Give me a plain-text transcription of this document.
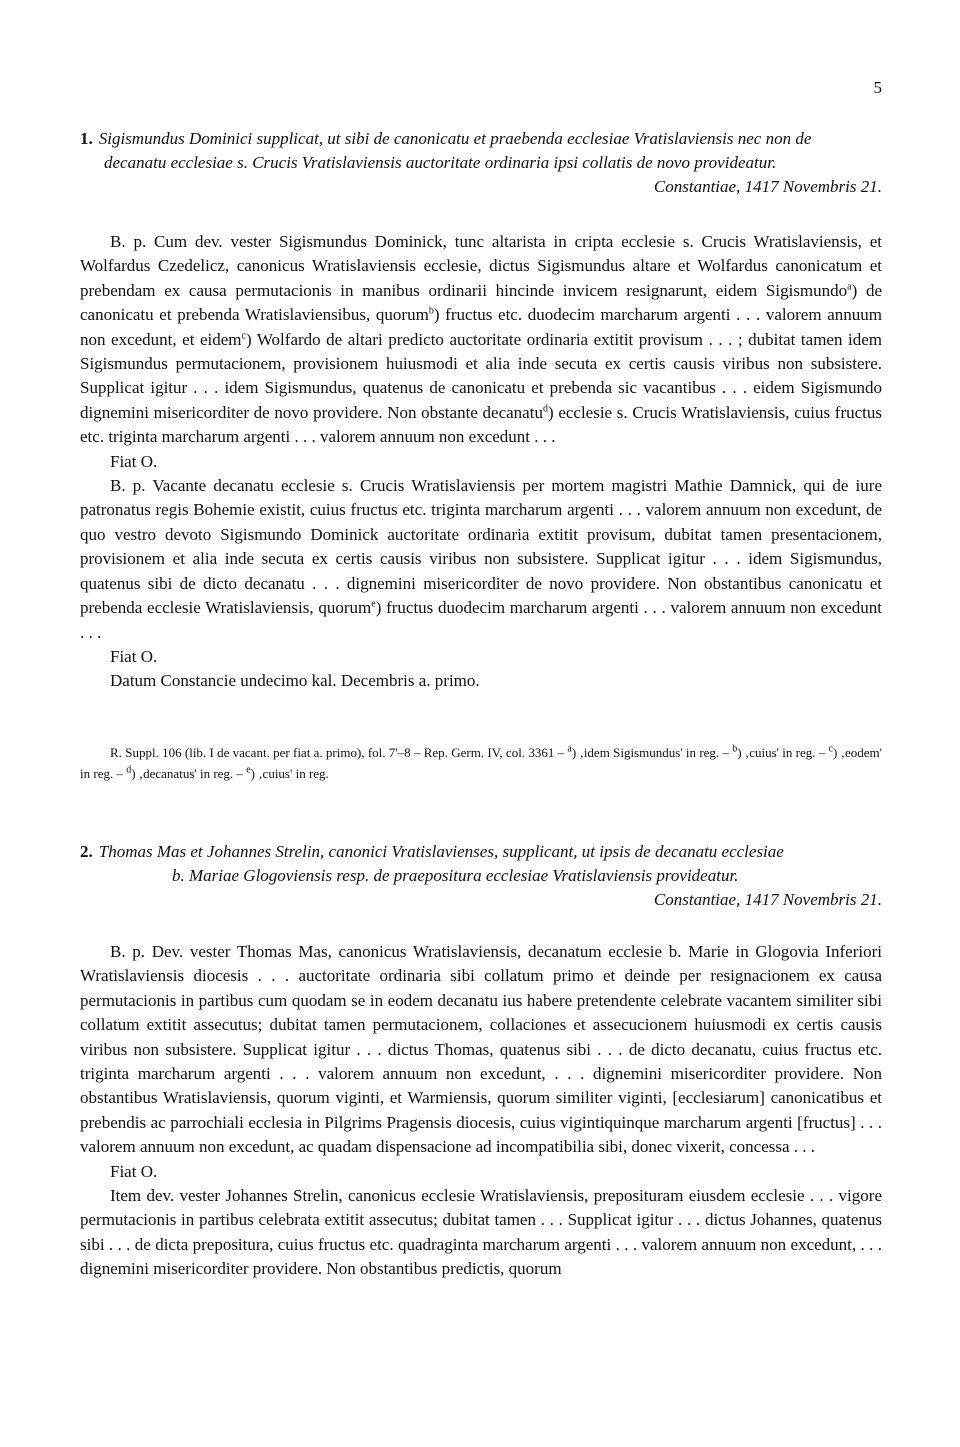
5
1. Sigismundus Dominici supplicat, ut sibi de canonicatu et praebenda ecclesiae Vratislaviensis nec non de
decanatu ecclesiae s. Crucis Vratislaviensis auctoritate ordinaria ipsi collatis de novo provideatur.
Constantiae, 1417 Novembris 21.

B. p. Cum dev. vester Sigismundus Dominick, tunc altarista in cripta ecclesie s. Crucis Wratislaviensis, et Wolfardus Czedelicz, canonicus Wratislaviensis ecclesie, dictus Sigismundus altare et Wolfardus canonicatum et prebendam ex causa permutacionis in manibus ordinarii hincinde invicem resignarunt, eidem Sigismundo$^a$) de canonicatu et prebenda Wratislaviensibus, quorum$^b$) fructus etc. duodecim marcharum argenti . . . valorem annuum non excedunt, et eidem$^c$) Wolfardo de altari predicto auctoritate ordinaria extitit provisum . . . ; dubitat tamen idem Sigismundus permutacionem, provisionem huiusmodi et alia inde secuta ex certis causis viribus non subsistere. Supplicat igitur . . . idem Sigismundus, quatenus de canonicatu et prebenda sic vacantibus . . . eidem Sigismundo dignemini misericorditer de novo providere. Non obstante decanatu$^d$) ecclesie s. Crucis Wratislaviensis, cuius fructus etc. triginta marcharum argenti . . . valorem annuum non excedunt . . .

Fiat O.

B. p. Vacante decanatu ecclesie s. Crucis Wratislaviensis per mortem magistri Mathie Damnick, qui de iure patronatus regis Bohemie existit, cuius fructus etc. triginta marcharum argenti . . . valorem annuum non excedunt, de quo vestro devoto Sigismundo Dominick auctoritate ordinaria extitit provisum, dubitat tamen presentacionem, provisionem et alia inde secuta ex certis causis viribus non subsistere. Supplicat igitur . . . idem Sigismundus, quatenus sibi de dicto decanatu . . . dignemini misericorditer de novo providere. Non obstantibus canonicatu et prebenda ecclesie Wratislaviensis, quorum$^e$) fructus duodecim marcharum argenti . . . valorem annuum non excedunt . . .

Fiat O.

Datum Constancie undecimo kal. Decembris a. primo.

R. Suppl. 106 (lib. I de vacant. per fiat a. primo), fol. 7'–8 – Rep. Germ. IV, col. 3361 – $^a$) ‚idem Sigismundus' in reg. – $^b$) ‚cuius' in reg. – $^c$) ‚eodem' in reg. – $^d$) ‚decanatus' in reg. – $^e$) ‚cuius' in reg.

2. Thomas Mas et Johannes Strelin, canonici Vratislavienses, supplicant, ut ipsis de decanatu ecclesiae
b. Mariae Glogoviensis resp. de praepositura ecclesiae Vratislaviensis provideatur.
Constantiae, 1417 Novembris 21.

B. p. Dev. vester Thomas Mas, canonicus Wratislaviensis, decanatum ecclesie b. Marie in Glogovia Inferiori Wratislaviensis diocesis . . . auctoritate ordinaria sibi collatum primo et deinde per resignacionem ex causa permutacionis in partibus cum quodam se in eodem decanatu ius habere pretendente celebrate vacantem similiter sibi collatum extitit assecutus; dubitat tamen permutacionem, collaciones et assecucionem huiusmodi ex certis causis viribus non subsistere. Supplicat igitur . . . dictus Thomas, quatenus sibi . . . de dicto decanatu, cuius fructus etc. triginta marcharum argenti . . . valorem annuum non excedunt, . . . dignemini misericorditer providere. Non obstantibus Wratislaviensis, quorum viginti, et Warmiensis, quorum similiter viginti, [ecclesiarum] canonicatibus et prebendis ac parrochiali ecclesia in Pilgrims Pragensis diocesis, cuius vigintiquinque marcharum argenti [fructus] . . . valorem annuum non excedunt, ac quadam dispensacione ad incompatibilia sibi, donec vixerit, concessa . . .

Fiat O.

Item dev. vester Johannes Strelin, canonicus ecclesie Wratislaviensis, preposituram eiusdem ecclesie . . . vigore permutacionis in partibus celebrata extitit assecutus; dubitat tamen . . . Supplicat igitur . . . dictus Johannes, quatenus sibi . . . de dicta prepositura, cuius fructus etc. quadraginta marcharum argenti . . . valorem annuum non excedunt, . . . dignemini misericorditer providere. Non obstantibus predictis, quorum
